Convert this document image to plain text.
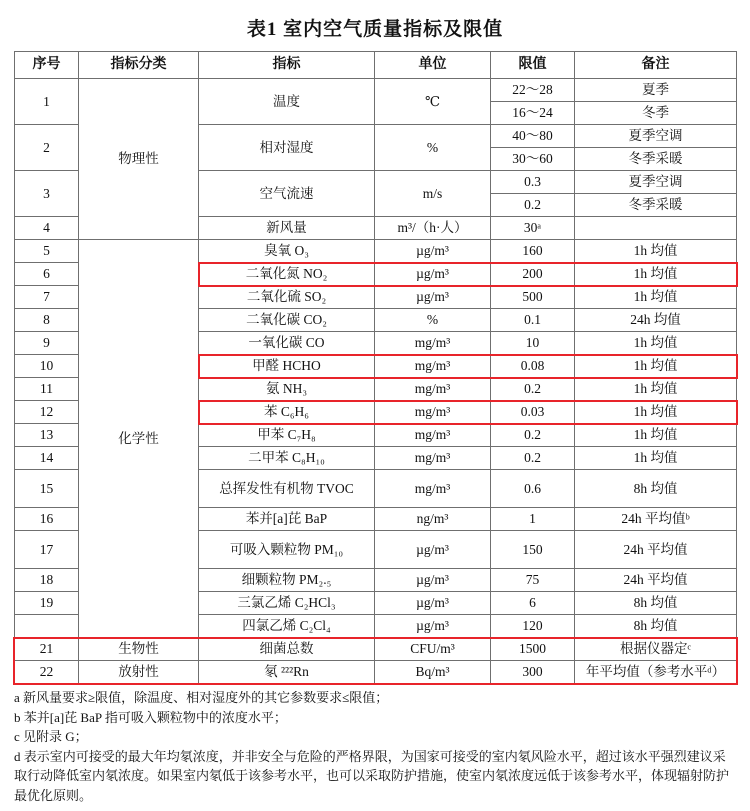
表1 室内空气质量指标及限值
序号	指标分类	指标	单位	限值	备注
1	物理性	温度	℃	22～28	夏季
				16～24	冬季
2		相对湿度	%	40～80	夏季空调
				30～60	冬季采暖
3		空气流速	m/s	0.3	夏季空调
				0.2	冬季采暖
4		新风量	m³/（h·人）	30ᵃ	
5	化学性	臭氧 O₃	µg/m³	160	1h 均值
6		二氧化氮 NO₂	µg/m³	200	1h 均值
7		二氧化硫 SO₂	µg/m³	500	1h 均值
8		二氧化碳 CO₂	%	0.1	24h 均值
9		一氧化碳 CO	mg/m³	10	1h 均值
10		甲醛 HCHO	mg/m³	0.08	1h 均值
11		氨 NH₃	mg/m³	0.2	1h 均值
12		苯 C₆H₆	mg/m³	0.03	1h 均值
13		甲苯 C₇H₈	mg/m³	0.2	1h 均值
14		二甲苯 C₈H₁₀	mg/m³	0.2	1h 均值
15		总挥发性有机物 TVOC	mg/m³	0.6	8h 均值
16		苯并[a]芘 BaP	ng/m³	1	24h 平均值ᵇ
17		可吸入颗粒物 PM₁₀	µg/m³	150	24h 平均值
18		细颗粒物 PM₂.₅	µg/m³	75	24h 平均值
19		三氯乙烯 C₂HCl₃	µg/m³	6	8h 均值
		四氯乙烯 C₂Cl₄	µg/m³	120	8h 均值
21	生物性	细菌总数	CFU/m³	1500	根据仪器定ᶜ
22	放射性	氡 ²²²Rn	Bq/m³	300	年平均值（参考水平ᵈ）

a 新风量要求≥限值，除温度、相对湿度外的其它参数要求≤限值；

b 苯并[a]芘 BaP 指可吸入颗粒物中的浓度水平；

c 见附录 G；

d 表示室内可接受的最大年均氡浓度，并非安全与危险的严格界限，为国家可接受的室内氡风险水平，超过该水平强烈建议采取行动降低室内氡浓度。如果室内氡低于该参考水平，也可以采取防护措施，使室内氡浓度远低于该参考水平，体现辐射防护最优化原则。
